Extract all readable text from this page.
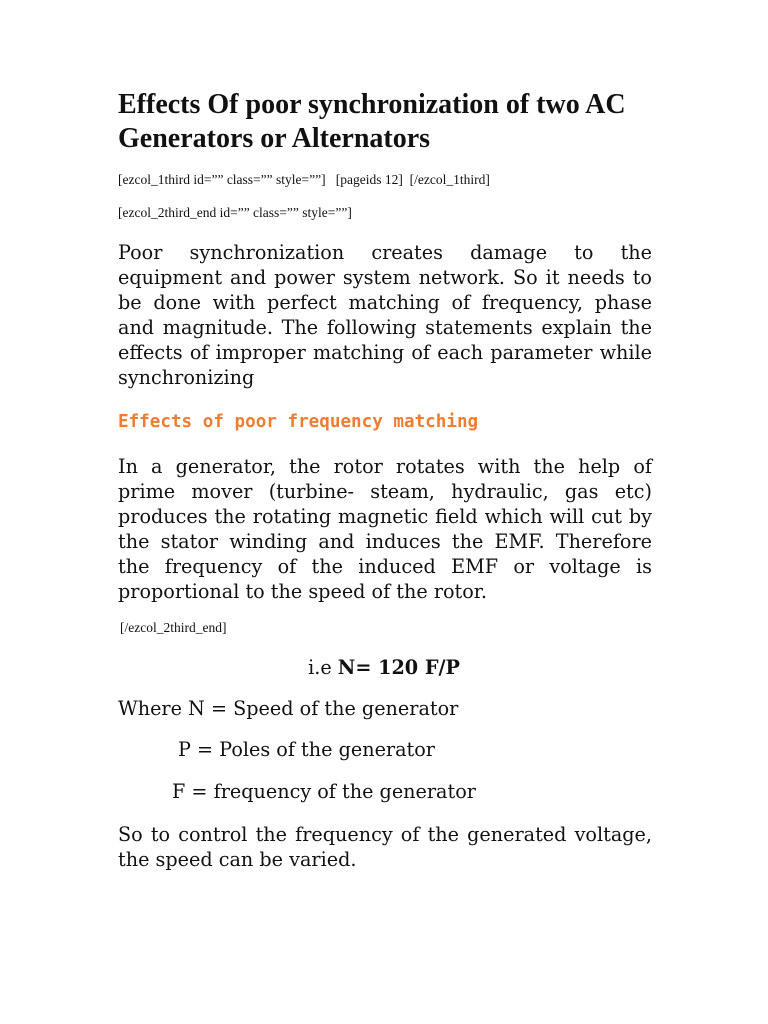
Effects Of poor synchronization of two AC Generators or Alternators
[ezcol_1third id=”” class=”” style=””]   [pageids 12]  [/ezcol_1third]
[ezcol_2third_end id=”” class=”” style=””]

Poor synchronization creates damage to the equipment and power system network. So it needs to be done with perfect matching of frequency, phase and magnitude. The following statements explain the effects of improper matching of each parameter while synchronizing

Effects of poor frequency matching

In a generator, the rotor rotates with the help of prime mover (turbine- steam, hydraulic, gas etc) produces the rotating magnetic field which will cut by the stator winding and induces the EMF. Therefore the frequency of the induced EMF or voltage is proportional to the speed of the rotor.

[/ezcol_2third_end]
i.e N= 120 F/P
Where N = Speed of the generator
P = Poles of the generator
F = frequency of the generator

So to control the frequency of the generated voltage, the speed can be varied.
